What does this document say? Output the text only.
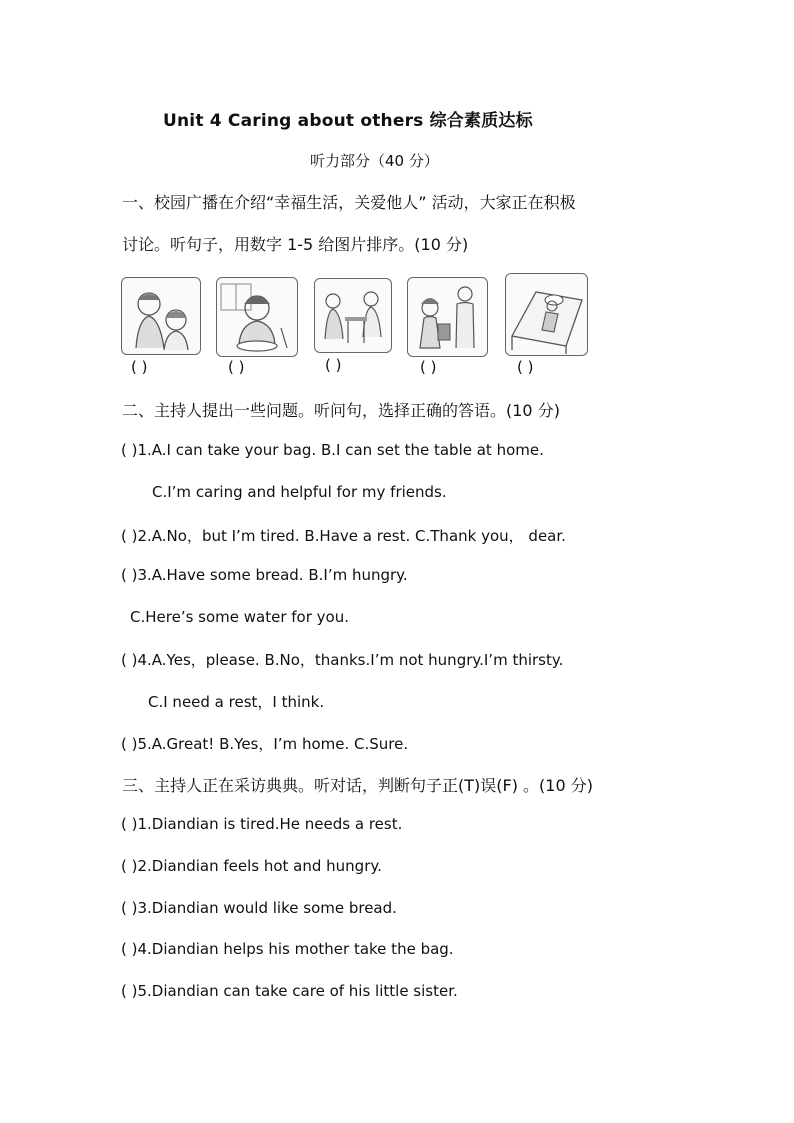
Unit 4 Caring about others 综合素质达标
听力部分（40 分）
一、校园广播在介绍“幸福生活，关爱他人” 活动，大家正在积极
讨论。听句子，用数字 1-5 给图片排序。(10 分)
( )	( )	( )	( )	( )
二、主持人提出一些问题。听问句，选择正确的答语。(10 分)
( )1.A.I can take your bag. B.I can set the table at home.
C.I’m caring and helpful for my friends.
( )2.A.No，but I’m tired. B.Have a rest. C.Thank you， dear.
( )3.A.Have some bread. B.I’m hungry.
C.Here’s some water for you.
( )4.A.Yes，please. B.No，thanks.I’m not hungry.I’m thirsty.
C.I need a rest，I think.
( )5.A.Great! B.Yes，I’m home. C.Sure.
三、主持人正在采访典典。听对话，判断句子正(T)误(F) 。(10 分)
( )1.Diandian is tired.He needs a rest.
( )2.Diandian feels hot and hungry.
( )3.Diandian would like some bread.
( )4.Diandian helps his mother take the bag.
( )5.Diandian can take care of his little sister.
